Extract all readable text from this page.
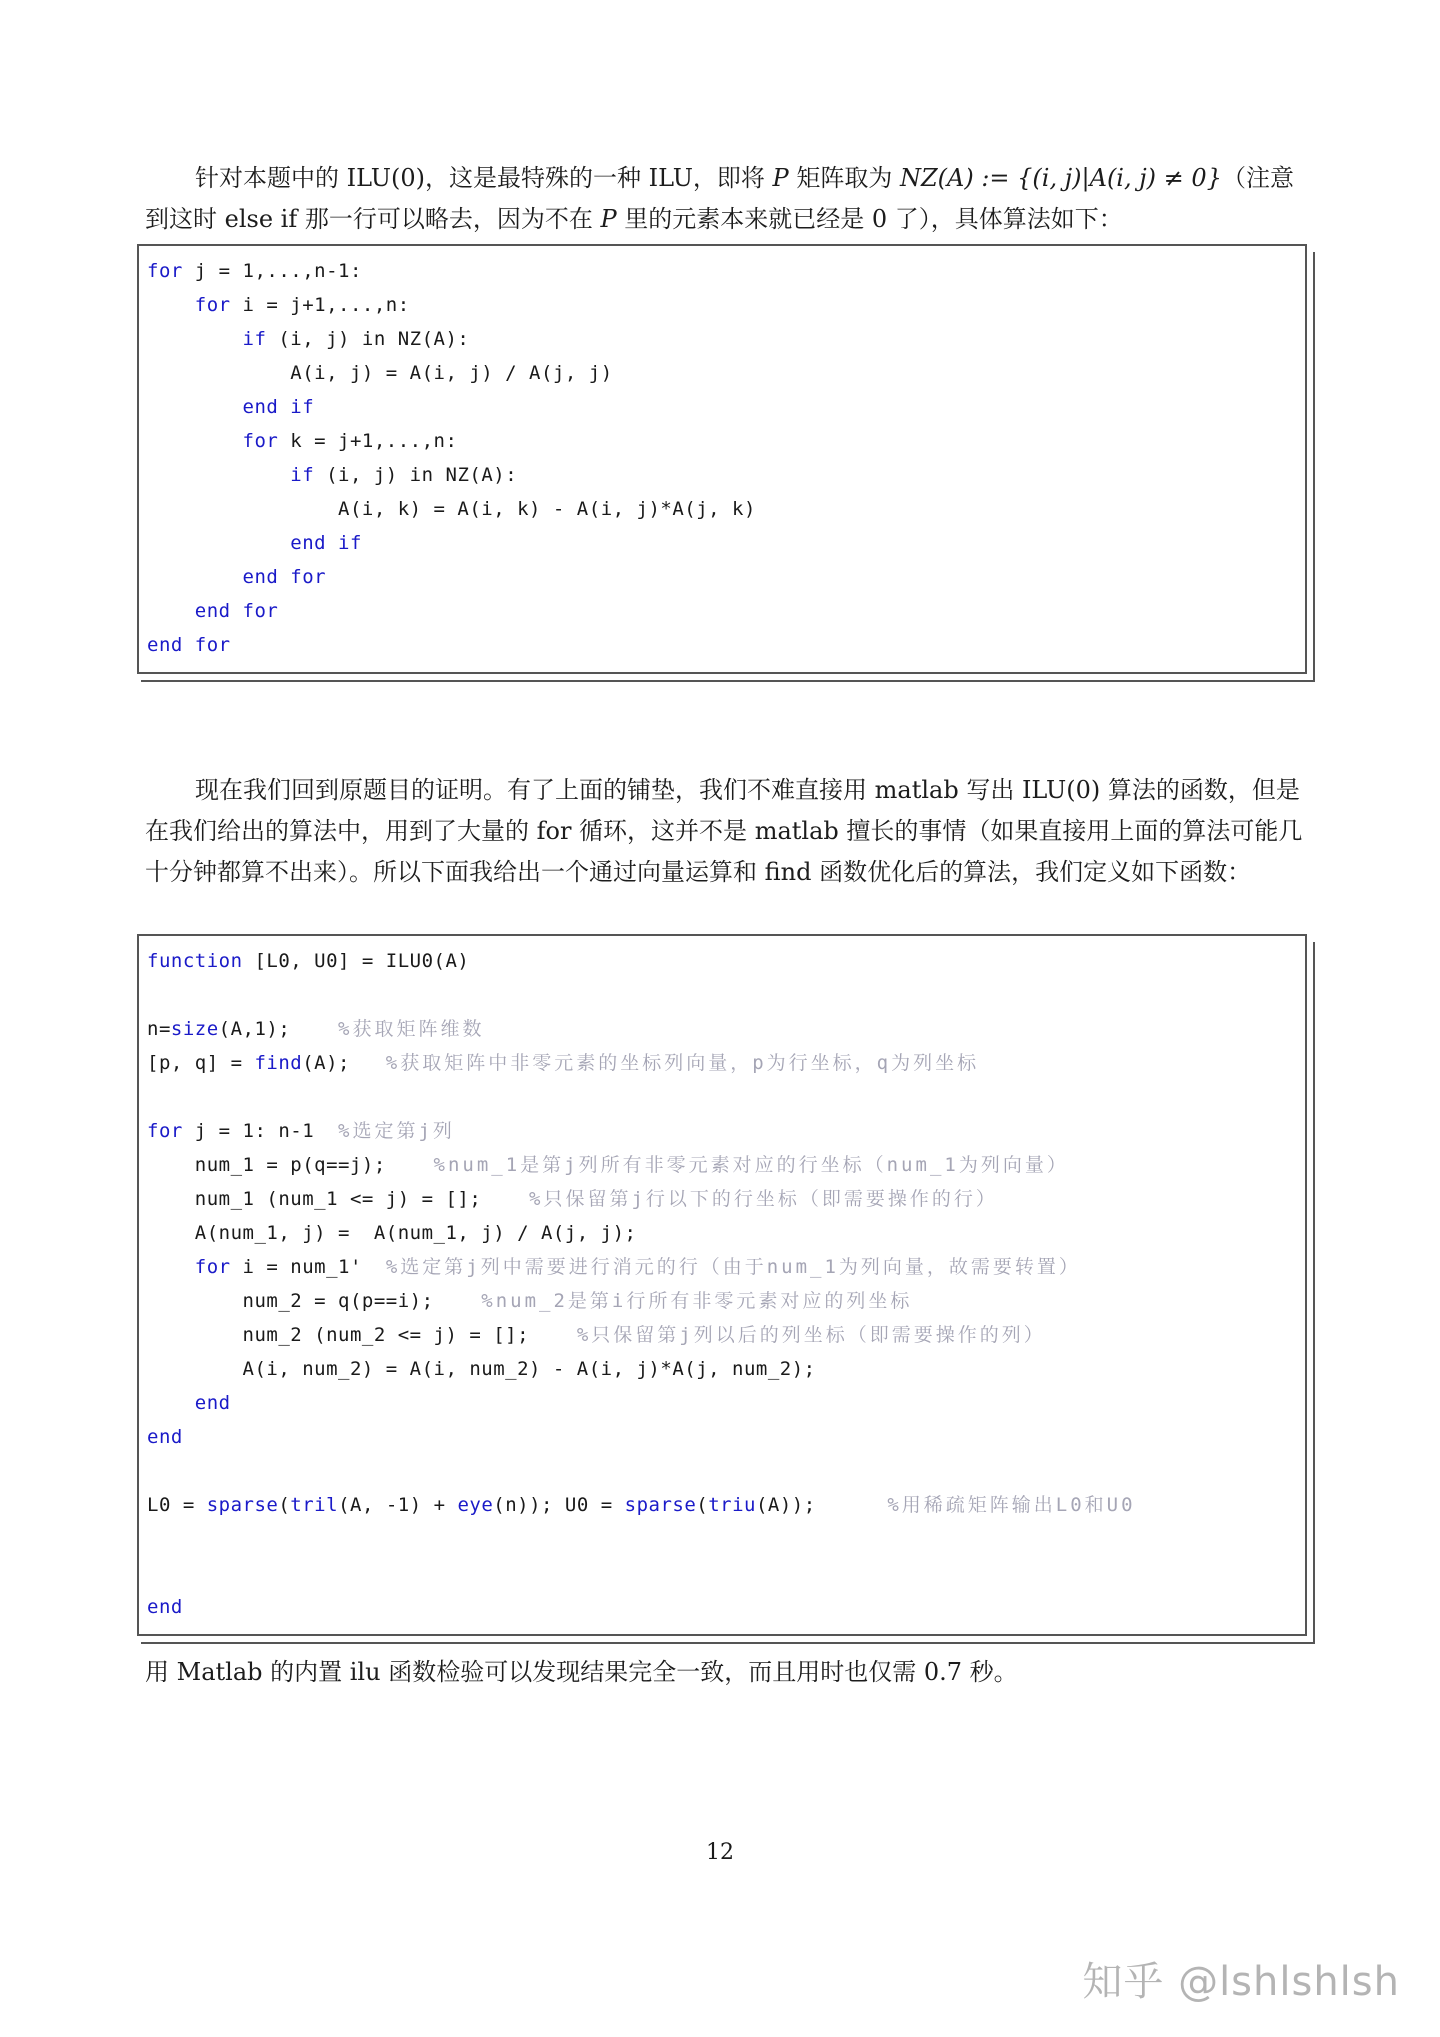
针对本题中的 ILU(0)，这是最特殊的一种 ILU，即将 P 矩阵取为 NZ(A) := {(i, j)|A(i, j) ≠ 0}（注意到这时 else if 那一行可以略去，因为不在 P 里的元素本来就已经是 0 了），具体算法如下：
for j = 1,...,n-1:
for i = j+1,...,n:
if (i, j) in NZ(A):
A(i, j) = A(i, j) / A(j, j)
end if
for k = j+1,...,n:
if (i, j) in NZ(A):
A(i, k) = A(i, k) - A(i, j)*A(j, k)
end if
end for
end for
end for
现在我们回到原题目的证明。有了上面的铺垫，我们不难直接用 matlab 写出 ILU(0) 算法的函数，但是在我们给出的算法中，用到了大量的 for 循环，这并不是 matlab 擅长的事情（如果直接用上面的算法可能几十分钟都算不出来）。所以下面我给出一个通过向量运算和 find 函数优化后的算法，我们定义如下函数：
function [L0, U0] = ILU0(A)
n=size(A,1);    %获取矩阵维数
[p, q] = find(A);   %获取矩阵中非零元素的坐标列向量，p为行坐标，q为列坐标
for j = 1: n-1  %选定第j列
num_1 = p(q==j);    %num_1是第j列所有非零元素对应的行坐标（num_1为列向量）
num_1 (num_1 <= j) = [];    %只保留第j行以下的行坐标（即需要操作的行）
A(num_1, j) =  A(num_1, j) / A(j, j);
for i = num_1'  %选定第j列中需要进行消元的行（由于num_1为列向量，故需要转置）
num_2 = q(p==i);    %num_2是第i行所有非零元素对应的列坐标
num_2 (num_2 <= j) = [];    %只保留第j列以后的列坐标（即需要操作的列）
A(i, num_2) = A(i, num_2) - A(i, j)*A(j, num_2);
end
end
L0 = sparse(tril(A, -1) + eye(n)); U0 = sparse(triu(A));      %用稀疏矩阵输出L0和U0
end
用 Matlab 的内置 ilu 函数检验可以发现结果完全一致，而且用时也仅需 0.7 秒。
12
知乎 @lshlshlsh
